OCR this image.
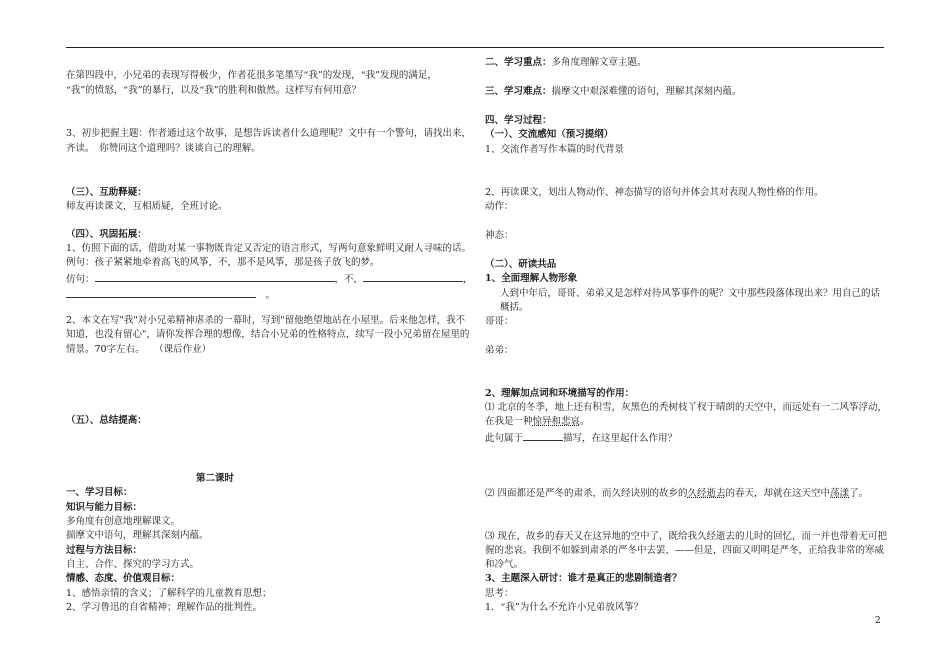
在第四段中，小兄弟的表现写得极少，作者花很多笔墨写“我”的发现，“我”发现的满足，
“我”的愤怒，“我”的暴行，以及“我”的胜利和傲然。这样写有何用意？
3、初步把握主题：作者通过这个故事，是想告诉读者什么道理呢？文中有一个警句，请找出来，
齐读。　你赞同这个道理吗？谈谈自己的理解。
（三）、互助释疑：
师友再读课文，互相质疑，全班讨论。
（四）、巩固拓展：
1、仿照下面的话，借助对某一事物既肯定又否定的语言形式，写两句意象鲜明又耐人寻味的话。
例句：孩子紧紧地牵着高飞的风筝，不，那不是风筝，那是孩子放飞的梦。
仿句：	，不，	，
　。
2、本文在写"我"对小兄弟精神虐杀的一幕时，写到"留他绝望地站在小屋里。后来他怎样，我不
知道，也没有留心"，请你发挥合理的想像，结合小兄弟的性格特点，续写一段小兄弟留在屋里的
情景。70字左右。　　（课后作业）
（五）、总结提高：
第二课时
一、学习目标：
知识与能力目标：
多角度有创意地理解课文。
揣摩文中语句，理解其深刻内蕴。
过程与方法目标：
自主、合作、探究的学习方式。
情感、态度、价值观目标：
1、感悟亲情的含义；了解科学的儿童教育思想；
2、学习鲁迅的自省精神；理解作品的批判性。
二、学习重点：多角度理解文章主题。
三、学习难点：揣摩文中艰深难懂的语句，理解其深刻内蕴。
四、学习过程：
（一）、交流感知（预习提纲）
1、交流作者写作本篇的时代背景
2、再读课文，划出人物动作、神态描写的语句并体会其对表现人物性格的作用。
动作：
神态：
（二）、研读共品
1、全面理解人物形象
人到中年后，哥哥、弟弟又是怎样对待风筝事件的呢？文中那些段落体现出来？用自己的话
概括。
哥哥：
弟弟：
2、理解加点词和环境描写的作用：
⑴ 北京的冬季，地上还有积雪，灰黑色的秃树枝丫杈于晴朗的天空中，而远处有一二风筝浮动，
在我是一种惊异和悲哀。
此句属于	描写，在这里起什么作用？
⑵ 四面都还是严冬的肃杀，而久经诀别的故乡的久经逝去的春天，却就在这天空中荡漾了。
⑶ 现在，故乡的春天又在这异地的空中了，既给我久经逝去的儿时的回忆，而一并也带着无可把
握的悲哀。我倒不如躲到肃杀的严冬中去罢，——但是，四面又明明是严冬，正给我非常的寒威
和冷气。
3、主题深入研讨：谁才是真正的悲剧制造者？
思考：
1．“我”为什么不允许小兄弟放风筝？
2
